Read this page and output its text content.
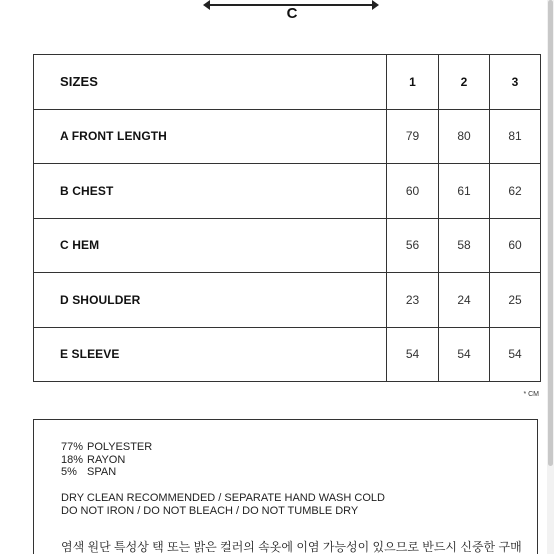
C
SIZES	1	2	3
A FRONT LENGTH	79	80	81
B CHEST	60	61	62
C HEM	56	58	60
D SHOULDER	23	24	25
E SLEEVE	54	54	54
* CM
77% POLYESTER
18% RAYON
5% SPAN
DRY CLEAN RECOMMENDED / SEPARATE HAND WASH COLD
DO NOT IRON / DO NOT BLEACH / DO NOT TUMBLE DRY
염색 원단 특성상 택 또는 밝은 컬러의 속옷에 이염 가능성이 있으므로 반드시 신중한 구매
